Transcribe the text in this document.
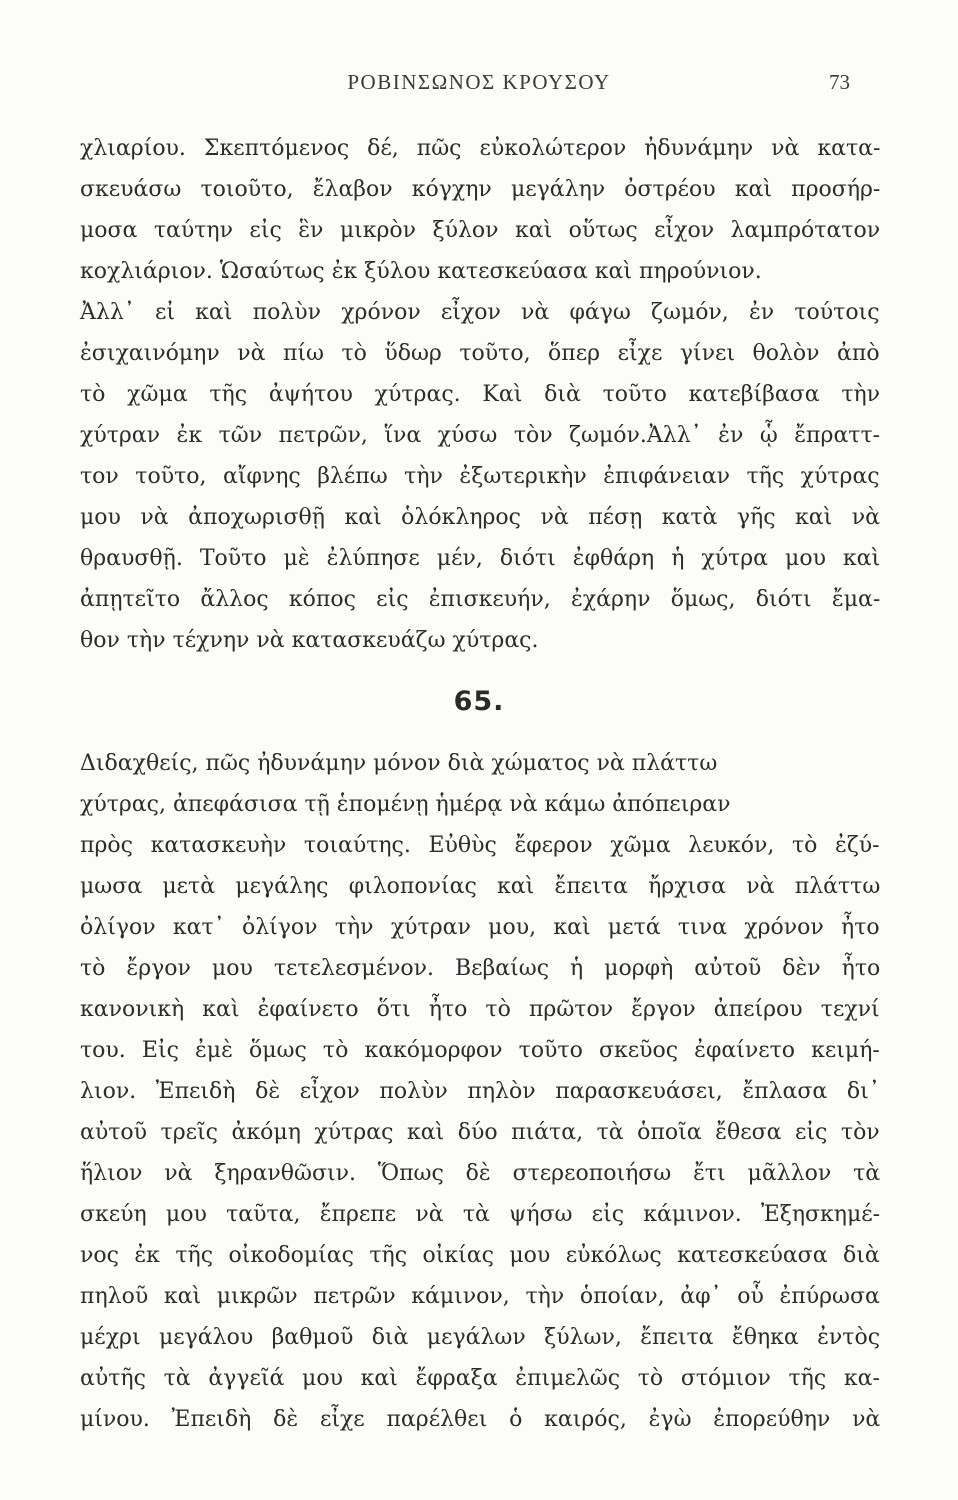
ΡΟΒΙΝΣΩΝΟΣ ΚΡΟΥΣΟΥ	73
χλιαρίου. Σκεπτόμενος δέ, πῶς εὐκολώτερον ἠδυνάμην νὰ κατα-
σκευάσω τοιοῦτο, ἔλαβον κόγχην μεγάλην ὀστρέου καὶ προσήρ-
μοσα ταύτην εἰς ἓν μικρὸν ξύλον καὶ οὕτως εἶχον λαμπρότατον
κοχλιάριον. Ὡσαύτως ἐκ ξύλου κατεσκεύασα καὶ πηρούνιον.
Ἀλλ᾽ εἰ καὶ πολὺν χρόνον εἶχον νὰ φάγω ζωμόν, ἐν τούτοις
ἐσιχαινόμην νὰ πίω τὸ ὕδωρ τοῦτο, ὅπερ εἶχε γίνει θολὸν ἀπὸ
τὸ χῶμα τῆς ἀψήτου χύτρας. Καὶ διὰ τοῦτο κατεβίβασα τὴν
χύτραν ἐκ τῶν πετρῶν, ἵνα χύσω τὸν ζωμόν.Ἀλλ᾽ ἐν ᾧ ἔπραττ-
τον τοῦτο, αἴφνης βλέπω τὴν ἐξωτερικὴν ἐπιφάνειαν τῆς χύτρας
μου νὰ ἀποχωρισθῇ καὶ ὁλόκληρος νὰ πέσῃ κατὰ γῆς καὶ νὰ
θραυσθῇ. Τοῦτο μὲ ἐλύπησε μέν, διότι ἐφθάρη ἡ χύτρα μου καὶ
ἀπῃτεῖτο ἄλλος κόπος εἰς ἐπισκευήν, ἐχάρην ὅμως, διότι ἔμα-
θον τὴν τέχνην νὰ κατασκευάζω χύτρας.
65.
Διδαχθείς, πῶς ἠδυνάμην μόνον διὰ χώματος νὰ πλάττω
χύτρας, ἀπεφάσισα τῇ ἑπομένῃ ἡμέρᾳ νὰ κάμω ἀπόπειραν
πρὸς κατασκευὴν τοιαύτης. Εὐθὺς ἔφερον χῶμα λευκόν, τὸ ἐζύ-
μωσα μετὰ μεγάλης φιλοπονίας καὶ ἔπειτα ἤρχισα νὰ πλάττω
ὀλίγον κατ᾽ ὀλίγον τὴν χύτραν μου, καὶ μετά τινα χρόνον ἦτο
τὸ ἔργον μου τετελεσμένον. Βεβαίως ἡ μορφὴ αὐτοῦ δὲν ἦτο
κανονικὴ καὶ ἐφαίνετο ὅτι ἦτο τὸ πρῶτον ἔργον ἀπείρου τεχνί
του. Εἰς ἐμὲ ὅμως τὸ κακόμορφον τοῦτο σκεῦος ἐφαίνετο κειμή-
λιον. Ἐπειδὴ δὲ εἶχον πολὺν πηλὸν παρασκευάσει, ἔπλασα δι᾽
αὐτοῦ τρεῖς ἀκόμη χύτρας καὶ δύο πιάτα, τὰ ὁποῖα ἔθεσα εἰς τὸν
ἥλιον νὰ ξηρανθῶσιν. Ὅπως δὲ στερεοποιήσω ἔτι μᾶλλον τὰ
σκεύη μου ταῦτα, ἔπρεπε νὰ τὰ ψήσω εἰς κάμινον. Ἐξησκημέ-
νος ἐκ τῆς οἰκοδομίας τῆς οἰκίας μου εὐκόλως κατεσκεύασα διὰ
πηλοῦ καὶ μικρῶν πετρῶν κάμινον, τὴν ὁποίαν, ἀφ᾽ οὗ ἐπύρωσα
μέχρι μεγάλου βαθμοῦ διὰ μεγάλων ξύλων, ἔπειτα ἔθηκα ἐντὸς
αὐτῆς τὰ ἀγγεῖά μου καὶ ἔφραξα ἐπιμελῶς τὸ στόμιον τῆς κα-
μίνου. Ἐπειδὴ δὲ εἶχε παρέλθει ὁ καιρός, ἐγὼ ἐπορεύθην νὰ
